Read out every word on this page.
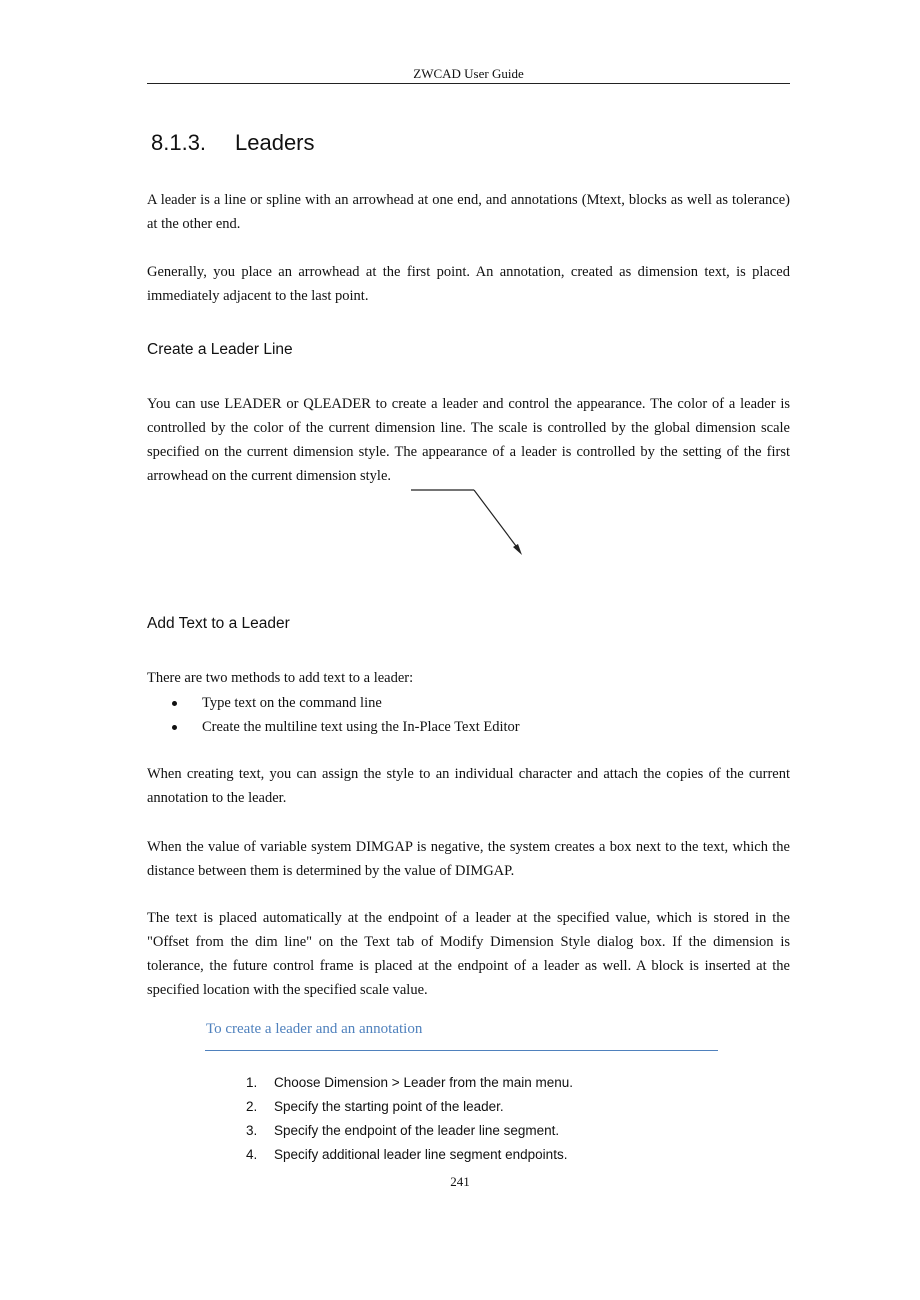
ZWCAD User Guide
8.1.3. Leaders
A leader is a line or spline with an arrowhead at one end, and annotations (Mtext, blocks as well as tolerance) at the other end.
Generally, you place an arrowhead at the first point. An annotation, created as dimension text, is placed immediately adjacent to the last point.
Create a Leader Line
You can use LEADER or QLEADER to create a leader and control the appearance. The color of a leader is controlled by the color of the current dimension line. The scale is controlled by the global dimension scale specified on the current dimension style. The appearance of a leader is controlled by the setting of the first arrowhead on the current dimension style.
Add Text to a Leader
There are two methods to add text to a leader:
Type text on the command line
Create the multiline text using the In-Place Text Editor
When creating text, you can assign the style to an individual character and attach the copies of the current annotation to the leader.
When the value of variable system DIMGAP is negative, the system creates a box next to the text, which the distance between them is determined by the value of DIMGAP.
The text is placed automatically at the endpoint of a leader at the specified value, which is stored in the "Offset from the dim line" on the Text tab of Modify Dimension Style dialog box. If the dimension is tolerance, the future control frame is placed at the endpoint of a leader as well. A block is inserted at the specified location with the specified scale value.
To create a leader and an annotation
1. Choose Dimension > Leader from the main menu.
2. Specify the starting point of the leader.
3. Specify the endpoint of the leader line segment.
4. Specify additional leader line segment endpoints.
241
